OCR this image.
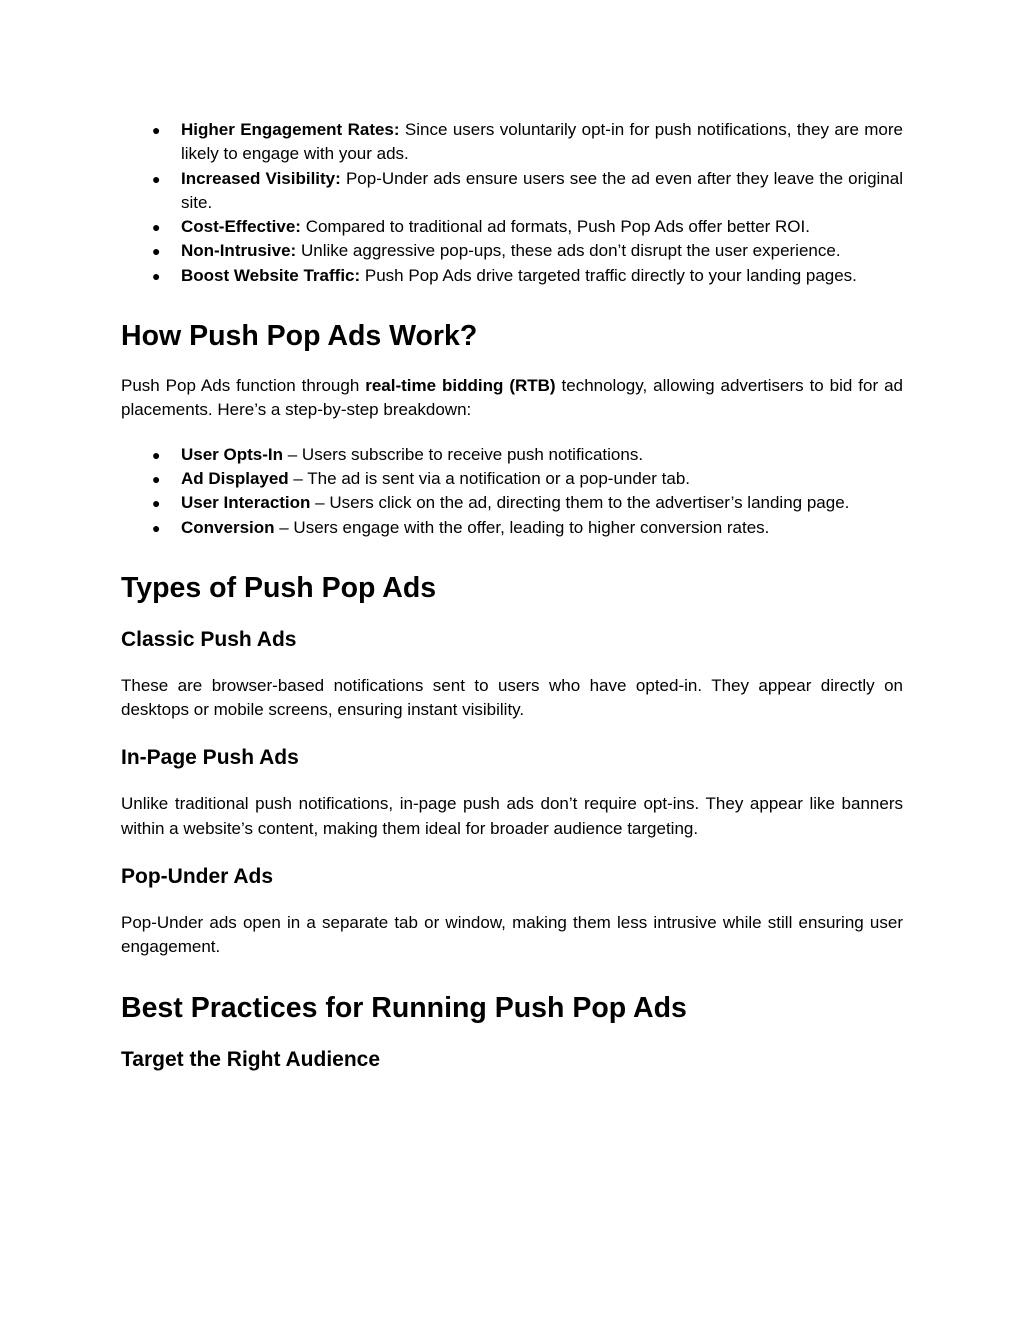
● Higher Engagement Rates: Since users voluntarily opt-in for push notifications, they are more likely to engage with your ads.
● Increased Visibility: Pop-Under ads ensure users see the ad even after they leave the original site.
● Cost-Effective: Compared to traditional ad formats, Push Pop Ads offer better ROI.
● Non-Intrusive: Unlike aggressive pop-ups, these ads don’t disrupt the user experience.
● Boost Website Traffic: Push Pop Ads drive targeted traffic directly to your landing pages.
How Push Pop Ads Work?

Push Pop Ads function through real-time bidding (RTB) technology, allowing advertisers to bid for ad placements. Here’s a step-by-step breakdown:

● User Opts-In – Users subscribe to receive push notifications.
● Ad Displayed – The ad is sent via a notification or a pop-under tab.
● User Interaction – Users click on the ad, directing them to the advertiser’s landing page.
● Conversion – Users engage with the offer, leading to higher conversion rates.
Types of Push Pop Ads
Classic Push Ads

These are browser-based notifications sent to users who have opted-in. They appear directly on desktops or mobile screens, ensuring instant visibility.

In-Page Push Ads

Unlike traditional push notifications, in-page push ads don’t require opt-ins. They appear like banners within a website’s content, making them ideal for broader audience targeting.

Pop-Under Ads

Pop-Under ads open in a separate tab or window, making them less intrusive while still ensuring user engagement.

Best Practices for Running Push Pop Ads
Target the Right Audience
